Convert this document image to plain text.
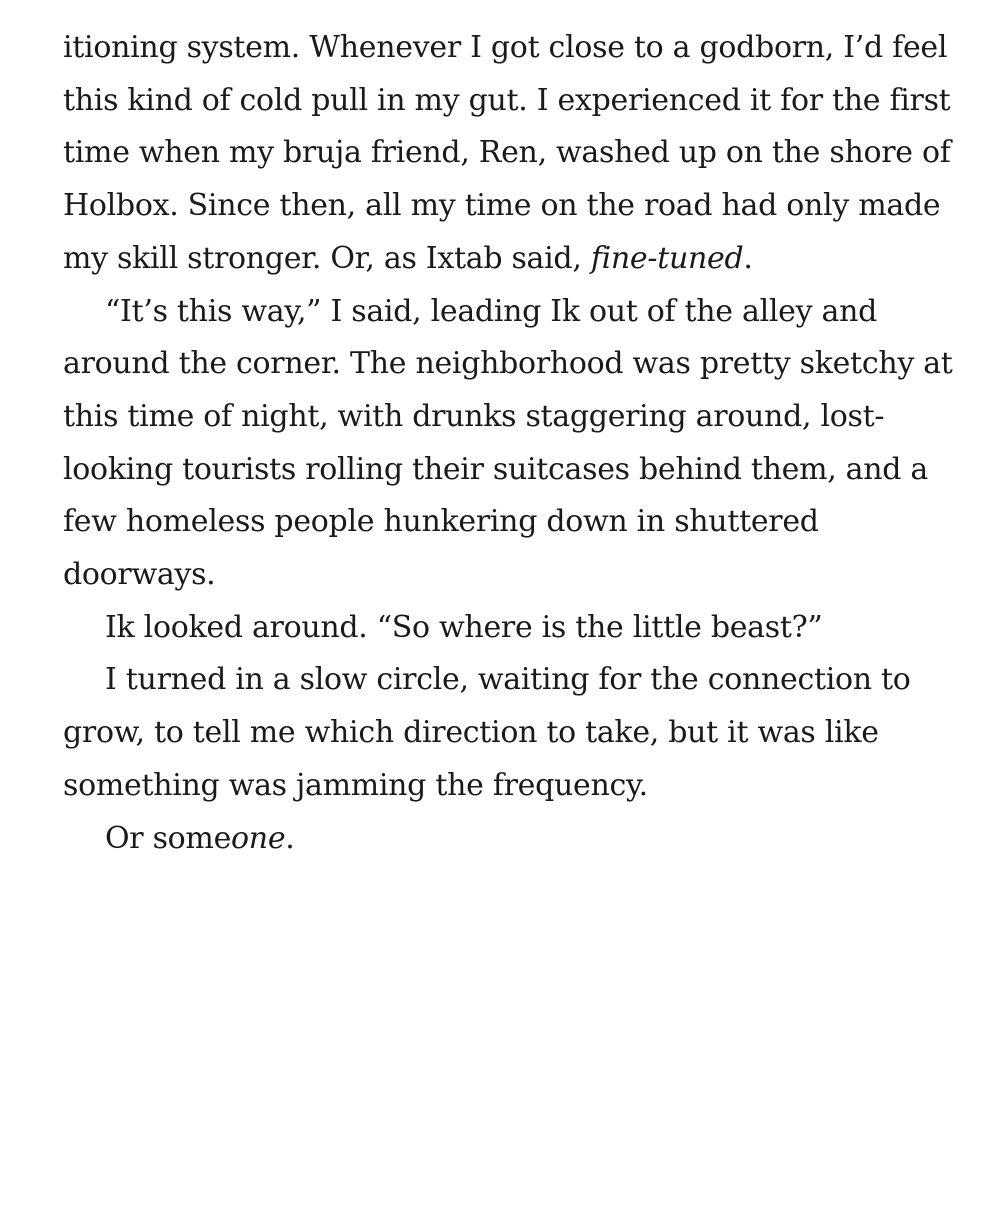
itioning system. Whenever I got close to a godborn, I’d feel this kind of cold pull in my gut. I experienced it for the first time when my bruja friend, Ren, washed up on the shore of Holbox. Since then, all my time on the road had only made my skill stronger. Or, as Ixtab said, fine-tuned.

“It’s this way,” I said, leading Ik out of the alley and around the corner. The neighborhood was pretty sketchy at this time of night, with drunks staggering around, lost-looking tourists rolling their suitcases behind them, and a few homeless people hunkering down in shuttered doorways.

Ik looked around. “So where is the little beast?”

I turned in a slow circle, waiting for the connection to grow, to tell me which direction to take, but it was like something was jamming the frequency.

Or someone.
